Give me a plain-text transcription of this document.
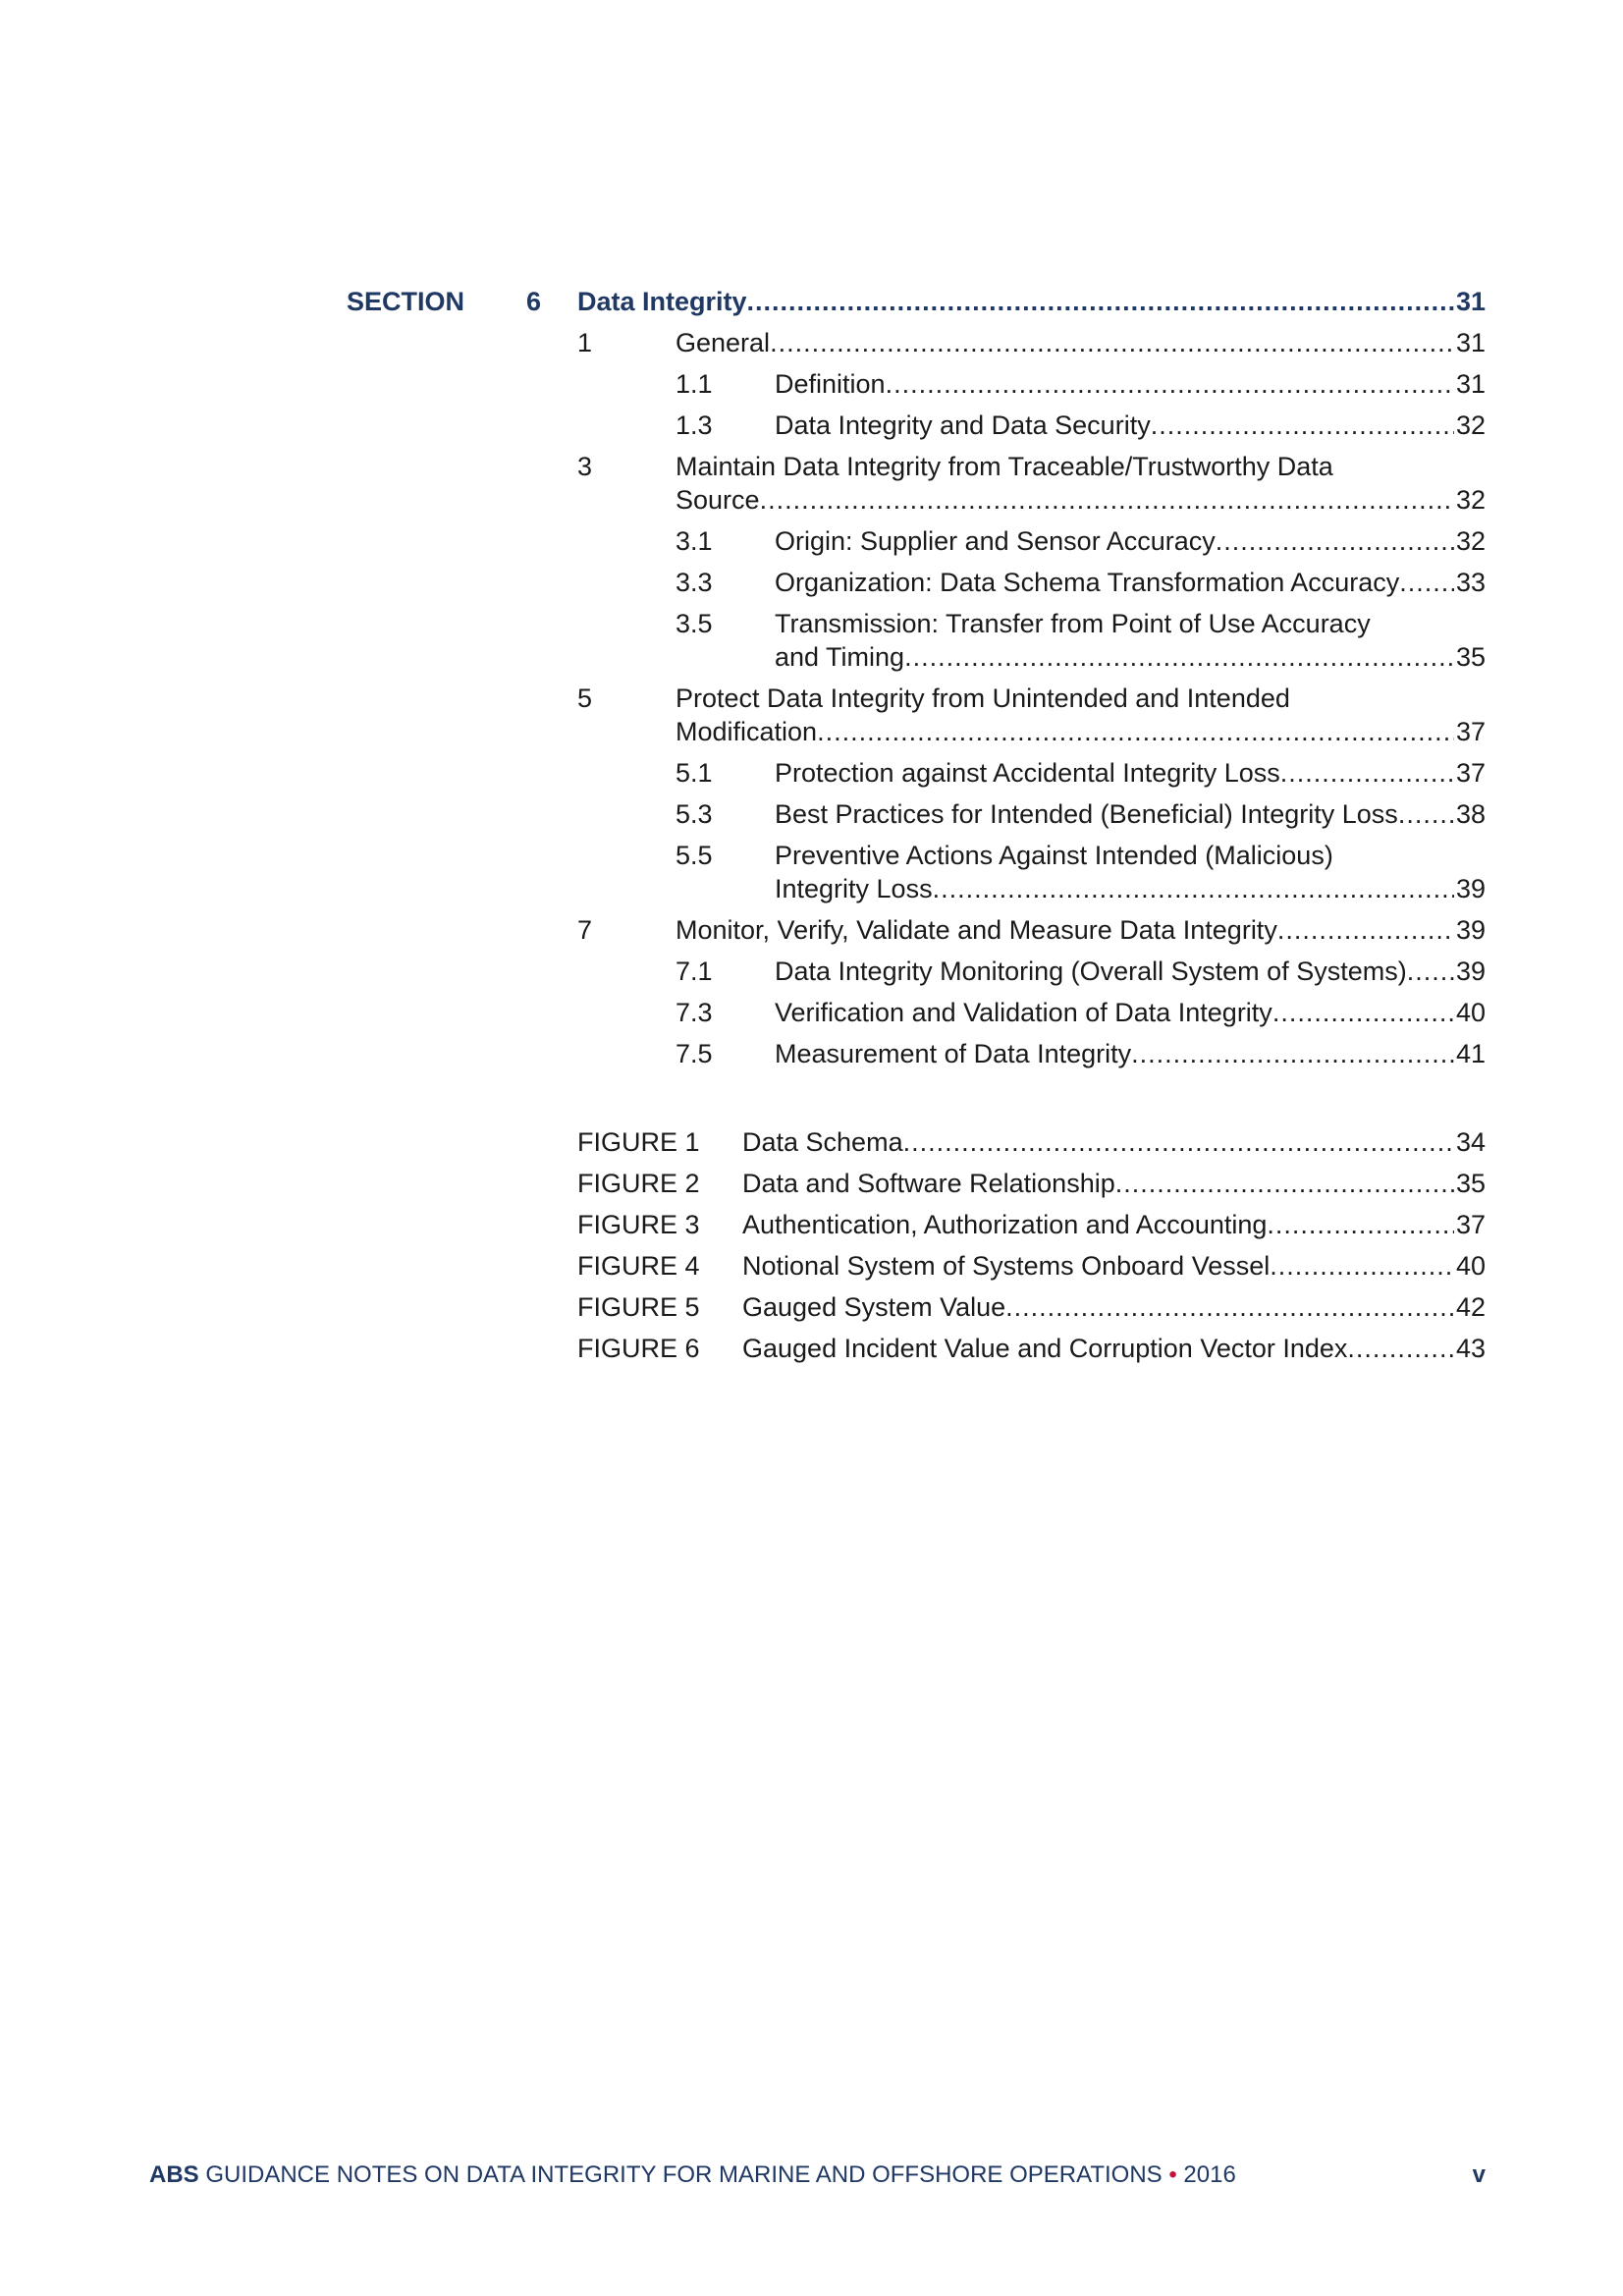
SECTION 6 Data Integrity .....	31
1	General .....	31
1.1 Definition .....	31
1.3 Data Integrity and Data Security .....	32
3	Maintain Data Integrity from Traceable/Trustworthy Data
Source .....	32
3.1 Origin: Supplier and Sensor Accuracy .....	32
3.3 Organization: Data Schema Transformation Accuracy ..... 33
3.5 Transmission: Transfer from Point of Use Accuracy
and Timing .....	35
5	Protect Data Integrity from Unintended and Intended
Modification .....	37
5.1 Protection against Accidental Integrity Loss .....	37
5.3 Best Practices for Intended (Beneficial) Integrity Loss ..... 38
5.5 Preventive Actions Against Intended (Malicious)
Integrity Loss .....	39
7	Monitor, Verify, Validate and Measure Data Integrity .....	39
7.1 Data Integrity Monitoring (Overall System of Systems) ..... 39
7.3 Verification and Validation of Data Integrity .....	40
7.5 Measurement of Data Integrity .....	41
FIGURE 1 Data Schema .....	34
FIGURE 2 Data and Software Relationship .....	35
FIGURE 3 Authentication, Authorization and Accounting .....	37
FIGURE 4 Notional System of Systems Onboard Vessel .....	40
FIGURE 5 Gauged System Value .....	42
FIGURE 6 Gauged Incident Value and Corruption Vector Index .....	43
ABS GUIDANCE NOTES ON DATA INTEGRITY FOR MARINE AND OFFSHORE OPERATIONS • 2016	v
